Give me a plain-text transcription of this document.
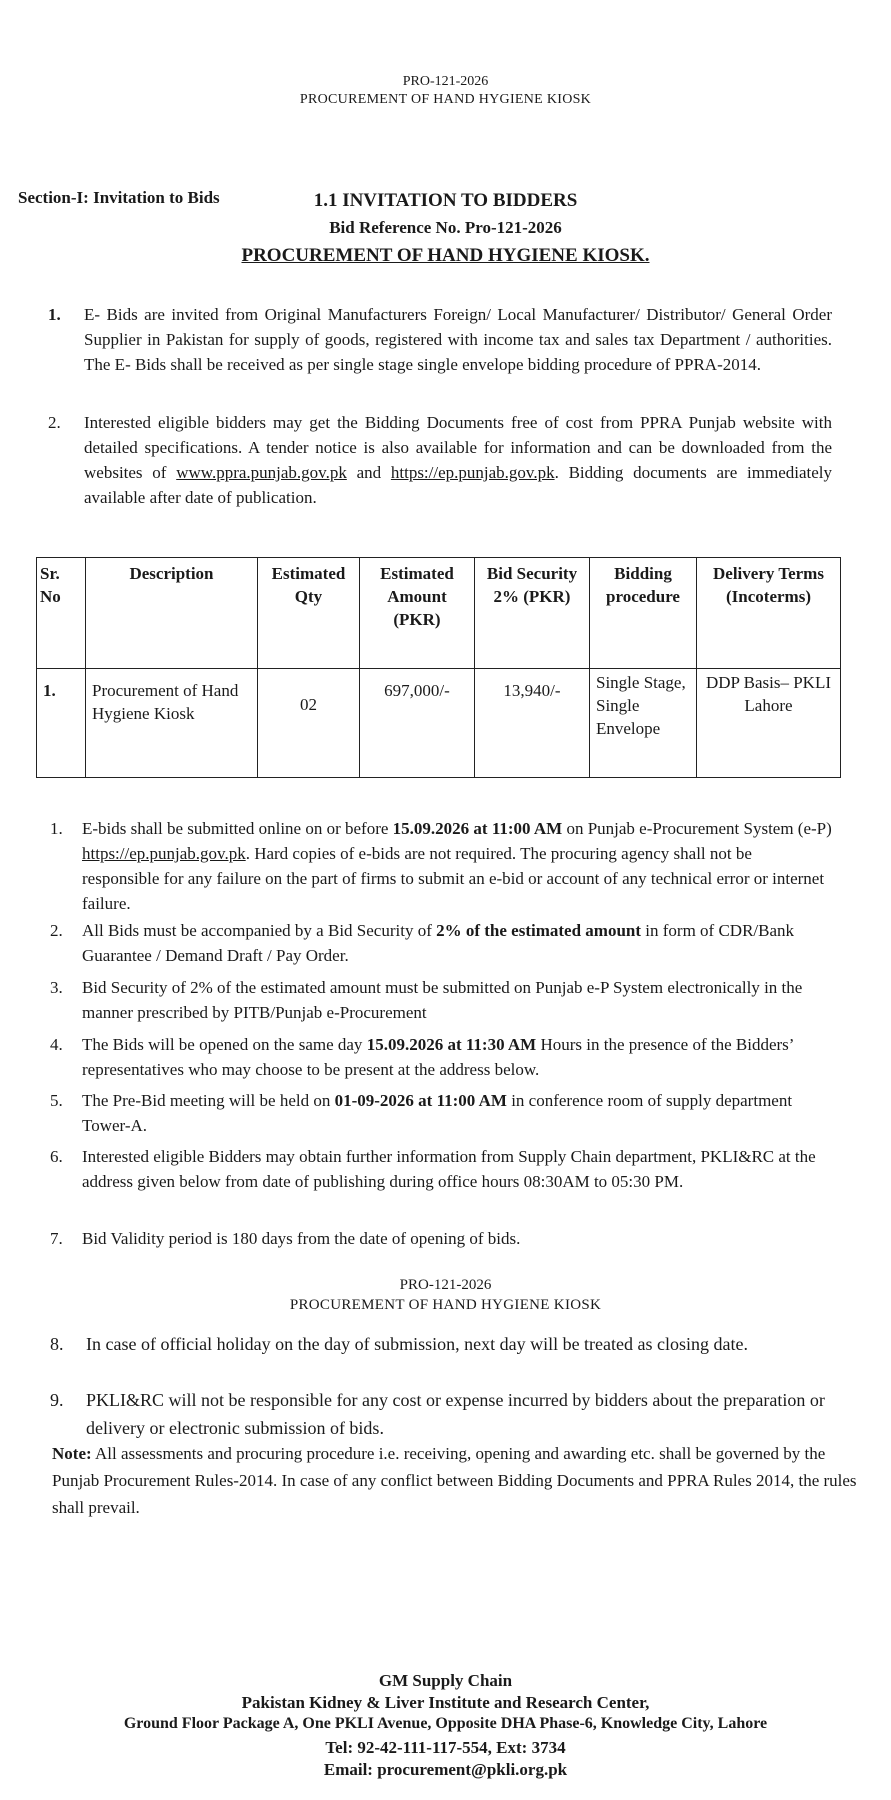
PRO-121-2026
PROCUREMENT OF HAND HYGIENE KIOSK
Section-I: Invitation to Bids	1.1 INVITATION TO BIDDERS
Bid Reference No. Pro-121-2026
PROCUREMENT OF HAND HYGIENE KIOSK.
1. E- Bids are invited from Original Manufacturers Foreign/ Local Manufacturer/ Distributor/ General Order Supplier in Pakistan for supply of goods, registered with income tax and sales tax Department / authorities. The E- Bids shall be received as per single stage single envelope bidding procedure of PPRA-2014.
2. Interested eligible bidders may get the Bidding Documents free of cost from PPRA Punjab website with detailed specifications. A tender notice is also available for information and can be downloaded from the websites of www.ppra.punjab.gov.pk and https://ep.punjab.gov.pk. Bidding documents are immediately available after date of publication.
Sr. No	Description	Estimated Qty	Estimated Amount (PKR)	Bid Security 2% (PKR)	Bidding procedure	Delivery Terms (Incoterms)
1.	Procurement of Hand Hygiene Kiosk	02	697,000/-	13,940/-	Single Stage, Single Envelope	DDP Basis– PKLI Lahore
1. E-bids shall be submitted online on or before 15.09.2026 at 11:00 AM on Punjab e-Procurement System (e-P) https://ep.punjab.gov.pk. Hard copies of e-bids are not required. The procuring agency shall not be responsible for any failure on the part of firms to submit an e-bid or account of any technical error or internet failure.
2. All Bids must be accompanied by a Bid Security of 2% of the estimated amount in form of CDR/Bank Guarantee / Demand Draft / Pay Order.
3. Bid Security of 2% of the estimated amount must be submitted on Punjab e-P System electronically in the manner prescribed by PITB/Punjab e-Procurement
4. The Bids will be opened on the same day 15.09.2026 at 11:30 AM Hours in the presence of the Bidders’ representatives who may choose to be present at the address below.
5. The Pre-Bid meeting will be held on 01-09-2026 at 11:00 AM in conference room of supply department Tower-A.
6. Interested eligible Bidders may obtain further information from Supply Chain department, PKLI&RC at the address given below from date of publishing during office hours 08:30AM to 05:30 PM.
7. Bid Validity period is 180 days from the date of opening of bids.
PRO-121-2026
PROCUREMENT OF HAND HYGIENE KIOSK
8. In case of official holiday on the day of submission, next day will be treated as closing date.
9. PKLI&RC will not be responsible for any cost or expense incurred by bidders about the preparation or delivery or electronic submission of bids.
Note: All assessments and procuring procedure i.e. receiving, opening and awarding etc. shall be governed by the Punjab Procurement Rules-2014. In case of any conflict between Bidding Documents and PPRA Rules 2014, the rules shall prevail.
GM Supply Chain
Pakistan Kidney & Liver Institute and Research Center,
Ground Floor Package A, One PKLI Avenue, Opposite DHA Phase-6, Knowledge City, Lahore
Tel: 92-42-111-117-554, Ext: 3734
Email: procurement@pkli.org.pk
